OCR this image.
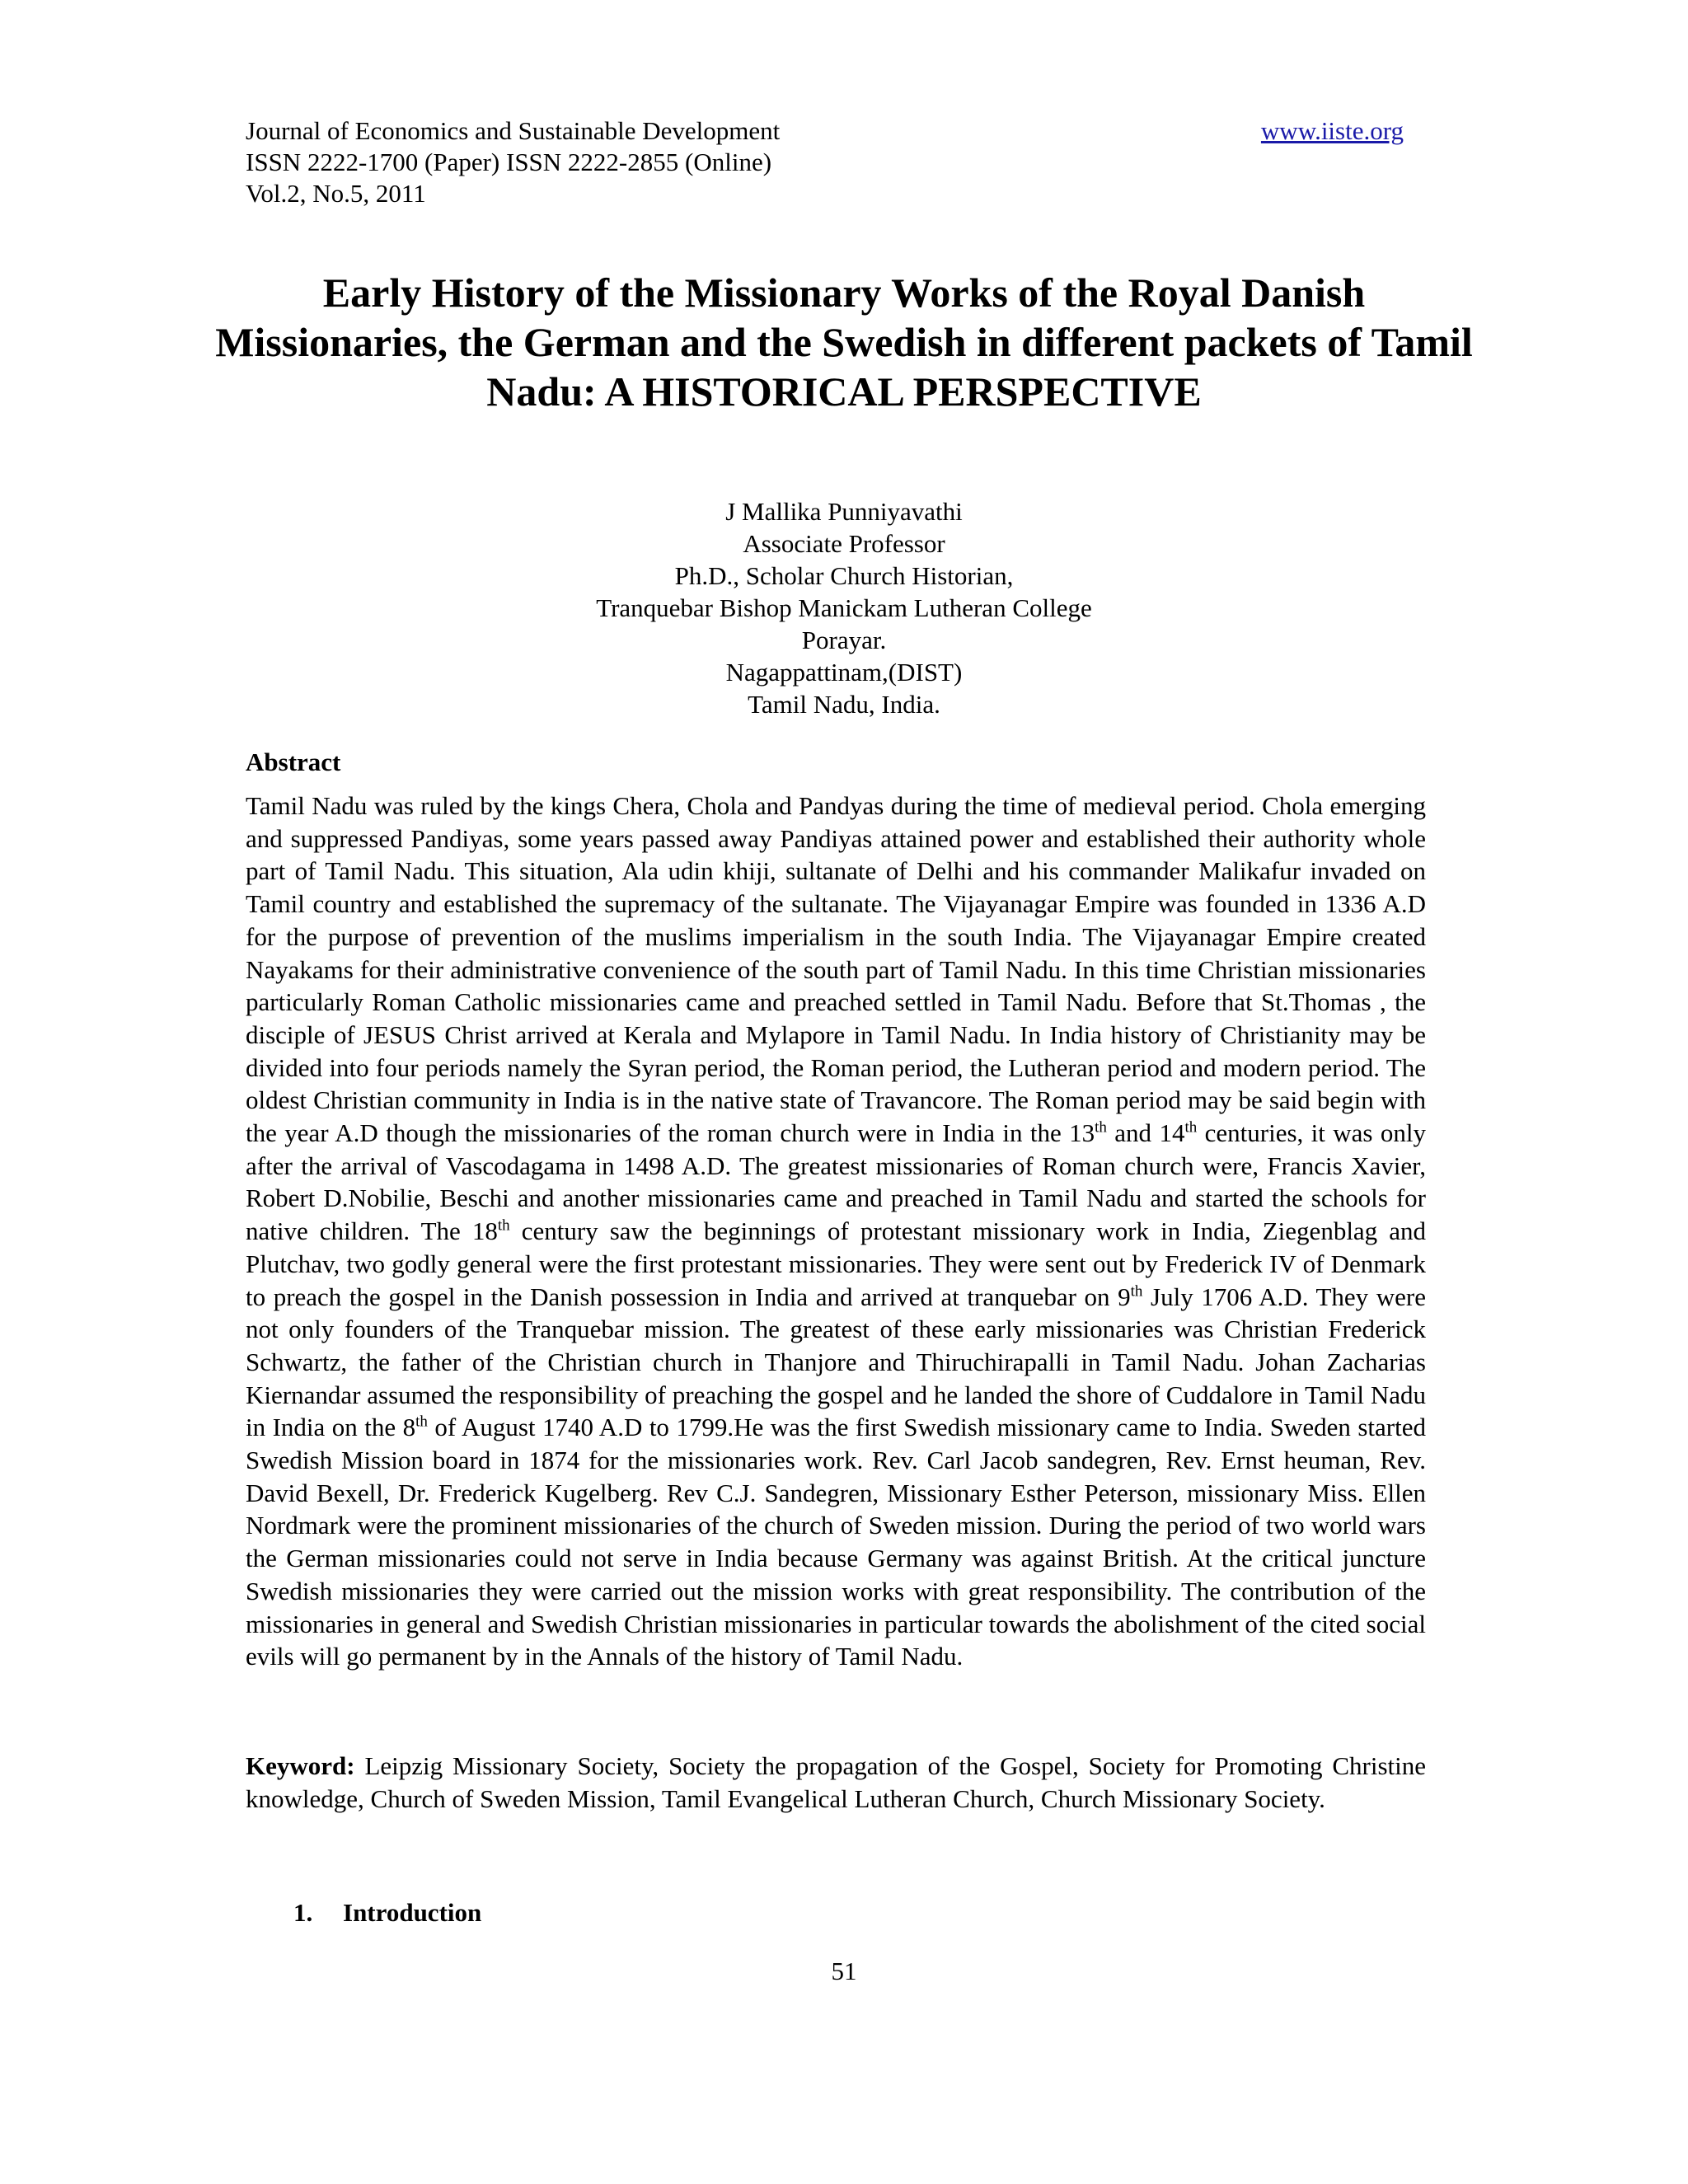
Journal of Economics and Sustainable Development	www.iiste.org
ISSN 2222-1700 (Paper) ISSN 2222-2855 (Online)
Vol.2, No.5, 2011
Early History of the Missionary Works of the Royal Danish Missionaries, the German and the Swedish in different packets of Tamil Nadu: A HISTORICAL PERSPECTIVE
J Mallika Punniyavathi
Associate Professor
Ph.D., Scholar Church Historian,
Tranquebar Bishop Manickam Lutheran College
Porayar.
Nagappattinam,(DIST)
Tamil Nadu, India.
Abstract
Tamil Nadu was ruled by the kings Chera, Chola and Pandyas during the time of medieval period. Chola emerging and suppressed Pandiyas, some years passed away Pandiyas attained power and established their authority whole part of Tamil Nadu. This situation, Ala udin khiji, sultanate of Delhi and his commander Malikafur invaded on Tamil country and established the supremacy of the sultanate. The Vijayanagar Empire was founded in 1336 A.D for the purpose of prevention of the muslims imperialism in the south India. The Vijayanagar Empire created Nayakams for their administrative convenience of the south part of Tamil Nadu. In this time Christian missionaries particularly Roman Catholic missionaries came and preached settled in Tamil Nadu. Before that St.Thomas , the disciple of JESUS Christ arrived at Kerala and Mylapore in Tamil Nadu. In India history of Christianity may be divided into four periods namely the Syran period, the Roman period, the Lutheran period and modern period. The oldest Christian community in India is in the native state of Travancore. The Roman period may be said begin with the year A.D though the missionaries of the roman church were in India in the 13th and 14th centuries, it was only after the arrival of Vascodagama in 1498 A.D. The greatest missionaries of Roman church were, Francis Xavier, Robert D.Nobilie, Beschi and another missionaries came and preached in Tamil Nadu and started the schools for native children. The 18th century saw the beginnings of protestant missionary work in India, Ziegenblag and Plutchav, two godly general were the first protestant missionaries. They were sent out by Frederick IV of Denmark to preach the gospel in the Danish possession in India and arrived at tranquebar on 9th July 1706 A.D. They were not only founders of the Tranquebar mission. The greatest of these early missionaries was Christian Frederick Schwartz, the father of the Christian church in Thanjore and Thiruchirapalli in Tamil Nadu. Johan Zacharias Kiernandar assumed the responsibility of preaching the gospel and he landed the shore of Cuddalore in Tamil Nadu in India on the 8th of August 1740 A.D to 1799.He was the first Swedish missionary came to India. Sweden started Swedish Mission board in 1874 for the missionaries work. Rev. Carl Jacob sandegren, Rev. Ernst heuman, Rev. David Bexell, Dr. Frederick Kugelberg. Rev C.J. Sandegren, Missionary Esther Peterson, missionary Miss. Ellen Nordmark were the prominent missionaries of the church of Sweden mission. During the period of two world wars the German missionaries could not serve in India because Germany was against British. At the critical juncture Swedish missionaries they were carried out the mission works with great responsibility. The contribution of the missionaries in general and Swedish Christian missionaries in particular towards the abolishment of the cited social evils will go permanent by in the Annals of the history of Tamil Nadu.
Keyword: Leipzig Missionary Society, Society the propagation of the Gospel, Society for Promoting Christine knowledge, Church of Sweden Mission, Tamil Evangelical Lutheran Church, Church Missionary Society.
1. Introduction
51
